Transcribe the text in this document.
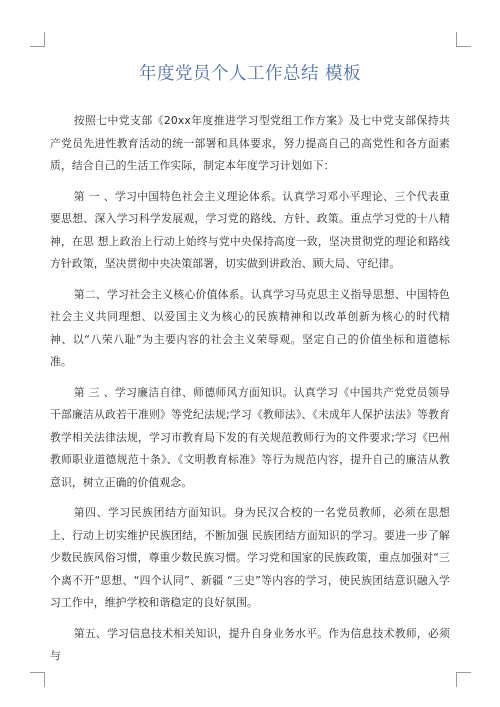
年度党员个人工作总结 模板

按照七中党支部《20xx年度推进学习型党组工作方案》及七中党支部保持共产党员先进性教育活动的统一部署和具体要求，努力提高自己的高党性和各方面素质，结合自己的生活工作实际，制定本年度学习计划如下：

第 一 、学习中国特色社会主义理论体系。认真学习邓小平理论、三个代表重要思想、深入学习科学发展观，学习党的路线、方针、政策。重点学习党的十八精神，在思 想上政治上行动上始终与党中央保持高度一致，坚决贯彻党的理论和路线方针政策，坚决贯彻中央决策部署，切实做到讲政治、顾大局、守纪律。

第二、学习社会主义核心价值体系。认真学习马克思主义指导思想、中国特色社会主义共同理想、以爱国主义为核心的民族精神和以改革创新为核心的时代精神、以“八荣八耻”为主要内容的社会主义荣辱观。坚定自己的价值坐标和道德标准。

第 三 、学习廉洁自律、师德师风方面知识。认真学习《中国共产党党员领导干部廉洁从政若干准则》等党纪法规;学习《教师法》、《未成年人保护法法》等教育教学相关法律法规，学习市教育局下发的有关规范教师行为的文件要求;学习《巴州教师职业道德规范十条》、《文明教育标准》等行为规范内容，提升自己的廉洁从教 意识，树立正确的价值观念。

第四、学习民族团结方面知识。身为民汉合校的一名党员教师，必须在思想上、行动上切实维护民族团结，不断加强 民族团结方面知识的学习。要进一步了解少数民族风俗习惯，尊重少数民族习惯。学习党和国家的民族政策，重点加强对“三个离不开“思想、“四个认同”、新疆 “三史”等内容的学习，使民族团结意识融入学习工作中，维护学校和谐稳定的良好氛围。

第五、学习信息技术相关知识，提升自身业务水平。作为信息技术教师，必须与
